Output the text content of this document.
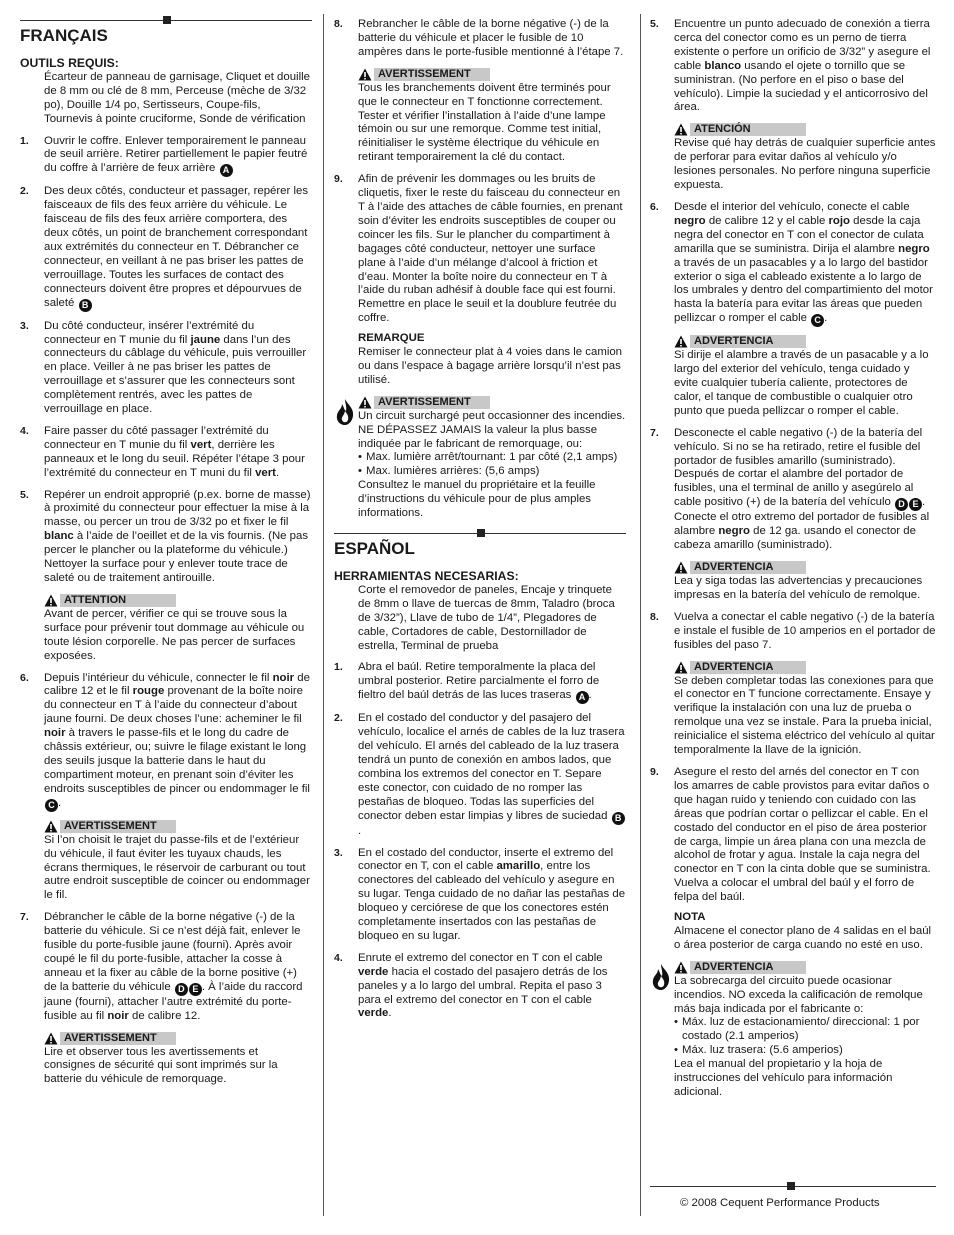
FRANÇAIS

OUTILS REQUIS:

Écarteur de panneau de garnisage, Cliquet et douille de 8 mm ou clé de 8 mm, Perceuse (mèche de 3/32 po), Douille 1/4 po, Sertisseurs, Coupe-fils, Tournevis à pointe cruciforme, Sonde de vérification

1.	Ouvrir le coffre. Enlever temporairement le panneau de seuil arrière. Retirer partiellement le papier feutré du coffre à l’arrière de feux arrière A
2.	Des deux côtés, conducteur et passager, repérer les faisceaux de fils des feux arrière du véhicule. Le faisceau de fils des feux arrière comportera, des deux côtés, un point de branchement correspondant aux extrémités du connecteur en T. Débrancher ce connecteur, en veillant à ne pas briser les pattes de verrouillage. Toutes les surfaces de contact des connecteurs doivent être propres et dépourvues de saleté B
3.	Du côté conducteur, insérer l’extrémité du connecteur en T munie du fil jaune dans l’un des connecteurs du câblage du véhicule, puis verrouiller en place. Veiller à ne pas briser les pattes de verrouillage et s’assurer que les connecteurs sont complètement rentrés, avec les pattes de verrouillage en place.
4.	Faire passer du côté passager l’extrémité du connecteur en T munie du fil vert, derrière les panneaux et le long du seuil. Répéter l’étape 3 pour l’extrémité du connecteur en T muni du fil vert.
5.	Repérer un endroit approprié (p.ex. borne de masse) à proximité du connecteur pour effectuer la mise à la masse, ou percer un trou de 3/32 po et fixer le fil blanc à l’aide de l’oeillet et de la vis fournis. (Ne pas percer le plancher ou la plateforme du véhicule.) Nettoyer la surface pour y enlever toute trace de saleté ou de traitement antirouille.
ATTENTION

Avant de percer, vérifier ce qui se trouve sous la surface pour prévenir tout dommage au véhicule ou toute lésion corporelle. Ne pas percer de surfaces exposées.

6.	Depuis l’intérieur du véhicule, connecter le fil noir de calibre 12 et le fil rouge provenant de la boîte noire du connecteur en T à l’aide du connecteur d’about jaune fourni. De deux choses l’une: acheminer le fil noir à travers le passe-fils et le long du cadre de châssis extérieur, ou; suivre le filage existant le long des seuils jusque la batterie dans le haut du compartiment moteur, en prenant soin d’éviter les endroits susceptibles de pincer ou endommager le fil C .
AVERTISSEMENT

Si l’on choisit le trajet du passe-fils et de l’extérieur du véhicule, il faut éviter les tuyaux chauds, les écrans thermiques, le réservoir de carburant ou tout autre endroit susceptible de coincer ou endommager le fil.

7.	Débrancher le câble de la borne négative (-) de la batterie du véhicule. Si ce n’est déjà fait, enlever le fusible du porte-fusible jaune (fourni). Après avoir coupé le fil du porte-fusible, attacher la cosse à anneau et la fixer au câble de la borne positive (+) de la batterie du véhicule D E . À l’aide du raccord jaune (fourni), attacher l’autre extrémité du porte-fusible au fil noir de calibre 12.
AVERTISSEMENT

Lire et observer tous les avertissements et consignes de sécurité qui sont imprimés sur la batterie du véhicule de remorquage.

8.	Rebrancher le câble de la borne négative (-) de la batterie du véhicule et placer le fusible de 10 ampères dans le porte-fusible mentionné à l’étape 7.
AVERTISSEMENT

Tous les branchements doivent être terminés pour que le connecteur en T fonctionne correctement. Tester et vérifier l’installation à l’aide d’une lampe témoin ou sur une remorque. Comme test initial, réinitialiser le système électrique du véhicule en retirant temporairement la clé du contact.

9.	Afin de prévenir les dommages ou les bruits de cliquetis, fixer le reste du faisceau du connecteur en T à l’aide des attaches de câble fournies, en prenant soin d’éviter les endroits susceptibles de couper ou coincer les fils. Sur le plancher du compartiment à bagages côté conducteur, nettoyer une surface plane à l’aide d’un mélange d’alcool à friction et d’eau. Monter la boîte noire du connecteur en T à l’aide du ruban adhésif à double face qui est fourni. Remettre en place le seuil et la doublure feutrée du coffre.
REMARQUE
Remiser le connecteur plat à 4 voies dans le camion ou dans l’espace à bagage arrière lorsqu’il n’est pas utilisé.
AVERTISSEMENT

Un circuit surchargé peut occasionner des incendies. NE DÉPASSEZ JAMAIS la valeur la plus basse indiquée par le fabricant de remorquage, ou:

• Max. lumière arrêt/tournant: 1 par côté (2,1 amps)
• Max. lumières arrières: (5,6 amps)

Consultez le manuel du propriétaire et la feuille d’instructions du véhicule pour de plus amples informations.

ESPAÑOL

HERRAMIENTAS NECESARIAS:

Corte el removedor de paneles, Encaje y trinquete de 8mm o llave de tuercas de 8mm, Taladro (broca de 3/32”), Llave de tubo de 1/4”, Plegadores de cable, Cortadores de cable, Destornillador de estrella, Terminal de prueba

1.	Abra el baúl. Retire temporalmente la placa del umbral posterior. Retire parcialmente el forro de fieltro del baúl detrás de las luces traseras A .
2.	En el costado del conductor y del pasajero del vehículo, localice el arnés de cables de la luz trasera del vehículo. El arnés del cableado de la luz trasera tendrá un punto de conexión en ambos lados, que combina los extremos del conector en T. Separe este conector, con cuidado de no romper las pestañas de bloqueo. Todas las superficies del conector deben estar limpias y libres de suciedad B.
3.	En el costado del conductor, inserte el extremo del conector en T, con el cable amarillo, entre los conectores del cableado del vehículo y asegure en su lugar. Tenga cuidado de no dañar las pestañas de bloqueo y cerciórese de que los conectores estén completamente insertados con las pestañas de bloqueo en su lugar.
4.	Enrute el extremo del conector en T con el cable verde hacia el costado del pasajero detrás de los paneles y a lo largo del umbral. Repita el paso 3 para el extremo del conector en T con el cable verde.
5.	Encuentre un punto adecuado de conexión a tierra cerca del conector como es un perno de tierra existente o perfore un orificio de 3/32” y asegure el cable blanco usando el ojete o tornillo que se suministran. (No perfore en el piso o base del vehículo). Limpie la suciedad y el anticorrosivo del área.
ATENCIÓN

Revise qué hay detrás de cualquier superficie antes de perforar para evitar daños al vehículo y/o lesiones personales. No perfore ninguna superficie expuesta.

6.	Desde el interior del vehículo, conecte el cable negro de calibre 12 y el cable rojo desde la caja negra del conector en T con el conector de culata amarilla que se suministra. Dirija el alambre negro a través de un pasacables y a lo largo del bastidor exterior o siga el cableado existente a lo largo de los umbrales y dentro del compartimiento del motor hasta la batería para evitar las áreas que pueden pellizcar o romper el cable C .
ADVERTENCIA

Si dirije el alambre a través de un pasacable y a lo largo del exterior del vehículo, tenga cuidado y evite cualquier tubería caliente, protectores de calor, el tanque de combustible o cualquier otro punto que pueda pellizcar o romper el cable.

7.	Desconecte el cable negativo (-) de la batería del vehículo. Si no se ha retirado, retire el fusible del portador de fusibles amarillo (suministrado). Después de cortar el alambre del portador de fusibles, una el terminal de anillo y asegúrelo al cable positivo (+) de la batería del vehículo D E . Conecte el otro extremo del portador de fusibles al alambre negro de 12 ga. usando el conector de cabeza amarillo (suministrado).
ADVERTENCIA

Lea y siga todas las advertencias y precauciones impresas en la batería del vehículo de remolque.

8.	Vuelva a conectar el cable negativo (-) de la batería e instale el fusible de 10 amperios en el portador de fusibles del paso 7.
ADVERTENCIA

Se deben completar todas las conexiones para que el conector en T funcione correctamente. Ensaye y verifique la instalación con una luz de prueba o remolque una vez se instale. Para la prueba inicial, reinicialice el sistema eléctrico del vehículo al quitar temporalmente la llave de la ignición.

9.	Asegure el resto del arnés del conector en T con los amarres de cable provistos para evitar daños o que hagan ruido y teniendo con cuidado con las áreas que podrían cortar o pellizcar el cable. En el costado del conductor en el piso de área posterior de carga, limpie un área plana con una mezcla de alcohol de frotar y agua. Instale la caja negra del conector en T con la cinta doble que se suministra. Vuelva a colocar el umbral del baúl y el forro de felpa del baúl.
NOTA
Almacene el conector plano de 4 salidas en el baúl o área posterior de carga cuando no esté en uso.
ADVERTENCIA

La sobrecarga del circuito puede ocasionar incendios. NO exceda la calificación de remolque más baja indicada por el fabricante o:

• Máx. luz de estacionamiento/ direccional: 1 por costado (2.1 amperios)
• Máx. luz trasera: (5.6 amperios)

Lea el manual del propietario y la hoja de instrucciones del vehículo para información adicional.

© 2008 Cequent Performance Products
